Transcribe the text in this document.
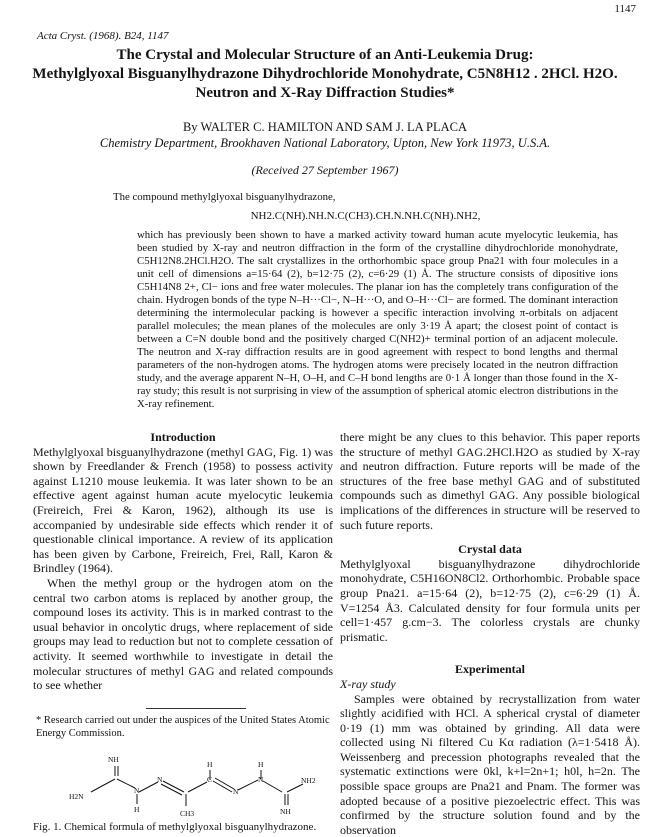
1147
Acta Cryst. (1968). B24, 1147
The Crystal and Molecular Structure of an Anti-Leukemia Drug:
Methylglyoxal Bisguanylhydrazone Dihydrochloride Monohydrate, C5N8H12 . 2HCl. H2O.
Neutron and X-Ray Diffraction Studies*
By WALTER C. HAMILTON AND SAM J. LA PLACA
Chemistry Department, Brookhaven National Laboratory, Upton, New York 11973, U.S.A.
(Received 27 September 1967)

The compound methylglyoxal bisguanylhydrazone,

NH2.C(NH).NH.N.C(CH3).CH.N.NH.C(NH).NH2,

which has previously been shown to have a marked activity toward human acute myelocytic leukemia, has been studied by X-ray and neutron diffraction in the form of the crystalline dihydrochloride monohydrate, C5H12N8.2HCl.H2O. The salt crystallizes in the orthorhombic space group Pna21 with four molecules in a unit cell of dimensions a=15·64 (2), b=12·75 (2), c=6·29 (1) Å. The structure consists of dipositive ions C5H14N8 2+, Cl− ions and free water molecules. The planar ion has the completely trans configuration of the chain. Hydrogen bonds of the type N–H···Cl−, N–H···O, and O–H···Cl− are formed. The dominant interaction determining the intermolecular packing is however a specific interaction involving π-orbitals on adjacent parallel molecules; the mean planes of the molecules are only 3·19 Å apart; the closest point of contact is between a C=N double bond and the positively charged C(NH2)+ terminal portion of an adjacent molecule. The neutron and X-ray diffraction results are in good agreement with respect to bond lengths and thermal parameters of the non-hydrogen atoms. The hydrogen atoms were precisely located in the neutron diffraction study, and the average apparent N–H, O–H, and C–H bond lengths are 0·1 Å longer than those found in the X-ray study; this result is not surprising in view of the assumption of spherical atomic electron distributions in the X-ray refinement.

Introduction

Methylglyoxal bisguanylhydrazone (methyl GAG, Fig. 1) was shown by Freedlander & French (1958) to possess activity against L1210 mouse leukemia. It was later shown to be an effective agent against human acute myelocytic leukemia (Freireich, Frei & Karon, 1962), although its use is accompanied by undesirable side effects which render it of questionable clinical importance. A review of its application has been given by Carbone, Freireich, Frei, Rall, Karon & Brindley (1964).

When the methyl group or the hydrogen atom on the central two carbon atoms is replaced by another group, the compound loses its activity. This is in marked contrast to the usual behavior in oncolytic drugs, where replacement of side groups may lead to reduction but not to complete cessation of activity. It seemed worthwhile to investigate in detail the molecular structures of methyl GAG and related compounds to see whether

there might be any clues to this behavior. This paper reports the structure of methyl GAG.2HCl.H2O as studied by X-ray and neutron diffraction. Future reports will be made of the structures of the free base methyl GAG and of substituted compounds such as dimethyl GAG. Any possible biological implications of the differences in structure will be reserved to such future reports.

Crystal data

Methylglyoxal bisguanylhydrazone dihydrochloride monohydrate, C5H16ON8Cl2. Orthorhombic. Probable space group Pna21. a=15·64 (2), b=12·75 (2), c=6·29 (1) Å. V=1254 Å3. Calculated density for four formula units per cell=1·457 g.cm−3. The colorless crystals are chunky prismatic.

Experimental

X-ray study

Samples were obtained by recrystallization from water slightly acidified with HCl. A spherical crystal of diameter 0·19 (1) mm was obtained by grinding. All data were collected using Ni filtered Cu Kα radiation (λ=1·5418 Å). Weissenberg and precession photographs revealed that the systematic extinctions were 0kl, k+l=2n+1; h0l, h=2n. The possible space groups are Pna21 and Pnam. The former was adopted because of a positive piezoelectric effect. This was confirmed by the structure solution found and by the observation

* Research carried out under the auspices of the United States Atomic Energy Commission.
NH
H2N
N
H
N
CH3
H
C
N
H
N	NH2
NH
Fig. 1. Chemical formula of methylglyoxal bisguanylhydrazone.
